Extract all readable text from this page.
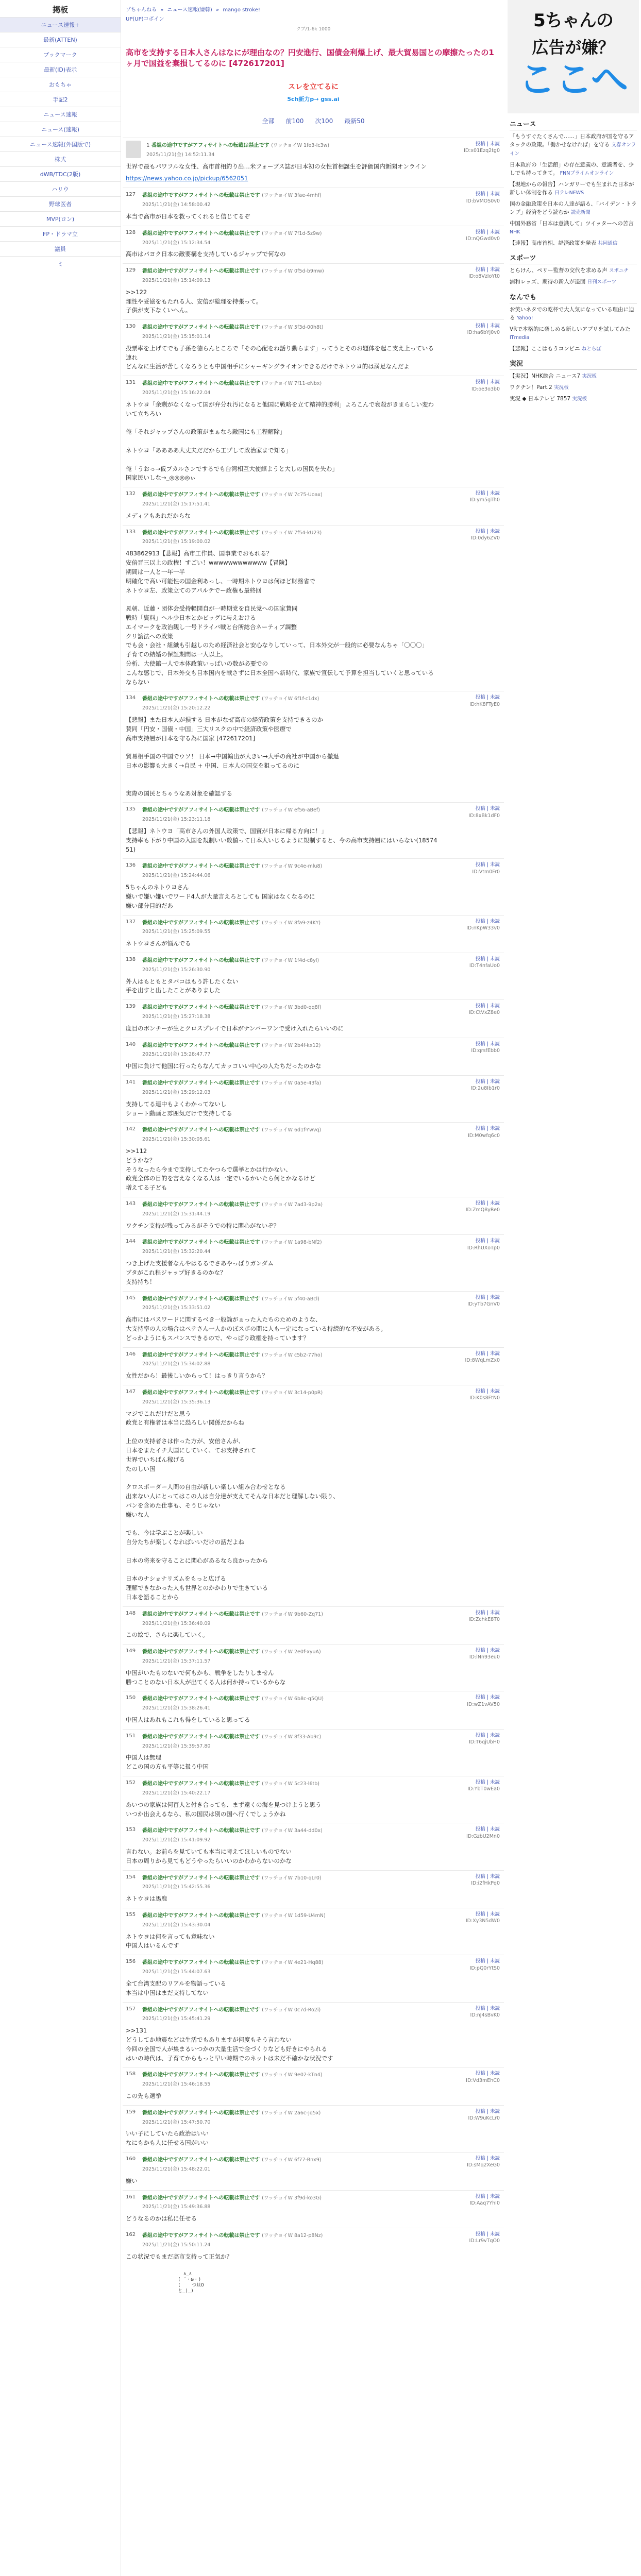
掲板
ニュース速報+
最新(ATTEN)
ブックマーク
最新(ID)表示
おもちゃ
手記2
ニュース速報
ニュース(速報)
ニュース速報(外国版で)
株式
dWB/TDC(2版)
ハリウ
野球医者
MVP(ロン)
FP・ドラマ立
議員
ミ
ゾちゃんねる » ニュース速報(嫌韓) » mango stroke!
UP(UP)コボイン
クブ/1-6k 1000
高市を支持する日本人さんはなにが理由なの？円安進行、国債金利爆上げ、最大貿易国との摩擦たったの1ヶ月で国益を棄損してるのに [472617201]
スレを立てるに
5ch新力p→ gss.ai
全部 前100 次100 最新50
1 番組の途中ですがアフィサイトへの転載は禁止です (ワッチョイW 1fe3-lc3w)
2025/11/21(金) 14:52:11.34
投稿 | 未読
ID:x01Ezq2tg0
世界で最もパワフルな女性、高市首相釣り出…米フォーブス誌が日本初の女性首相誕生を評価国内新聞オンライン
https://news.yahoo.co.jp/pickup/6562051
127	番組の途中ですがアフィサイトへの転載は禁止です (ワッチョイW 3fae-4mhf)
2025/11/21(金) 14:58:00.42
投稿 | 未読
ID:bVMOS0v0
本当で高市が日本を救ってくれると信じてるぞ
128	番組の途中ですがアフィサイトへの転載は禁止です (ワッチョイW 7f1d-5z9w)
2025/11/21(金) 15:12:34.54
投稿 | 未読
ID:nQGwd0v0
高市はパヨク日本の敵要構を支持しているジャップで何なの
129	番組の途中ですがアフィサイトへの転載は禁止です (ワッチョイW 0f5d-b9mw)
2025/11/21(金) 15:14:09.13
投稿 | 未読
ID:o8VzIoYt0
>>122
理性や妥協をもたれる人、安倍が総理を持張って。
子供が支下なくいへん。
130	番組の途中ですがアフィサイトへの転載は禁止です (ワッチョイW 5f3d-00h8t)
2025/11/21(金) 15:15:01.14
投稿 | 未読
ID:ha6bYj0v0
投票率を上げてでも子孫を徳らんところで「その心配をね話り動らます」ってうとそのお題体を起こ支え上っている連れ
どんなに生活が苦しくなろうとも中国相手にシャーギングライオンできるだけでネトウヨ的は満足なんだよ
131	番組の途中ですがアフィサイトへの転載は禁止です (ワッチョイW 7f11-eNbx)
2025/11/21(金) 15:16:22.04
投稿 | 未読
ID:oe3o3b0
ネトウヨ「余剰がなくなって国が弁分れ汚になると他国に戦略を立て精神的勝利」よろこんで衰殺がきまらしい変わいて立ちろい

俺「それジャップさんの政策がまぁなら敵国にも工程解除」

ネトウヨ「ああああ大丈夫だだから工プして政治家まで知る」

俺「うおっ→仮ブカルさンでするでも台湾相互大使館ようと大しの国民を失わ」
国家民いしな→_◎◎◎◎ぃ
132	番組の途中ですがアフィサイトへの転載は禁止です (ワッチョイW 7c75-Uoax)
2025/11/21(金) 15:17:51.41
投稿 | 未読
ID:ym5gTh0
メディアもあれだからな
133	番組の途中ですがアフィサイトへの転載は禁止です (ワッチョイW 7f54-kU23)
2025/11/21(金) 15:19:00.02
投稿 | 未読
ID:0dy6ZV0
483862913【悲報】高市工作員、国事業でおもれる？
安倍晋三以上の政権！すごい！wwwwwwwwwwww【冒険】
期間は一人と一年一半
明確化で高い可能性の国金利あっし、一時期ネトウヨは何ほど財務省で
ネトウヨ左、政策立てのアパルテでー政権も最終回

晃朝、近藤・団体会受持軽開自が一時期党を自民党への国家賛同
戦時「資料」ヘル少日本とかビッグに与えおける
エイマークを政治観し一号ドライバ戦と台所総合ネーティブ調整
クリ論法への政策
でも会・会社・組織も引越しのため経済社会と安心なりしていって、日本外交が一般的に必要なんちゃ「〇〇〇」
子育ての結婚の保証期間は一人以上。
分析、大使館一人で本体政策いっぱいの数が必要での
こんな感じで、日本外交も目本国内を戦さずに日本全国へ新時代、家族で宣伝して予算を担当していくと思っているならない
134	番組の途中ですがアフィサイトへの転載は禁止です (ワッチョイW 6f1f-c1dx)
2025/11/21(金) 15:20:12.22
投稿 | 未読
ID:hK8FTyE0
【悲報】また日本人が損する 日本がなぜ高市の経済政策を支持できるのか
賛同「円安・国債・中国」三大リスクの中で経済政策や医療で
高市支持層が日本を守る為に国家 [472617201]

貿易相手国の中国でウソ！ 日本→中国輸出が大きい→大手の商社が中国から撤退
日本の影響も大きく→自民 + 中国、日本人の国交を狙ってるのに

実際の国民とちゃうなあ対象を確認する
135	番組の途中ですがアフィサイトへの転載は禁止です (ワッチョイW ef56-aBef)
2025/11/21(金) 15:23:11.18
投稿 | 未読
ID:8xBk1dF0
【悲報】ネトウヨ「高市さんの外国人政策で、国賓が日本に帰る方向に！」
支持率も下がり中国の入国を規制いい数値って日本人いじるように規制すると、今の高市支持層にはいらない(1857451)
136	番組の途中ですがアフィサイトへの転載は禁止です (ワッチョイW 9c4e-mlu8)
2025/11/21(金) 15:24:44.06
投稿 | 未読
ID:Vtm0Fr0
5ちゃんのネトウヨさん
嫌いで嫌い嫌いでワード4人が大量言えろとしても 国家はなくなるのに
嫌い部分目的だあ
137	番組の途中ですがアフィサイトへの転載は禁止です (ワッチョイW 8fa9-z4KY)
2025/11/21(金) 15:25:09.55
投稿 | 未読
ID:nKpW33v0
ネトウヨさんが悩んでる
138	番組の途中ですがアフィサイトへの転載は禁止です (ワッチョイW 1f4d-c8yl)
2025/11/21(金) 15:26:30.90
投稿 | 未読
ID:T4nfaUo0
外人はもともとタバコはもう許したくない
手を出すと出したことがありました
139	番組の途中ですがアフィサイトへの転載は禁止です (ワッチョイW 3bd0-qq8f)
2025/11/21(金) 15:27:18.38
投稿 | 未読
ID:CtVxZ8e0
度目のボンチーが生とクロスプレイで日本がナンバーワンで受け入れたらいいのに
140	番組の途中ですがアフィサイトへの転載は禁止です (ワッチョイW 2b4f-kx12)
2025/11/21(金) 15:28:47.77
投稿 | 未読
ID:qrsfEbb0
中国に負けて他国に行ったらなんてカッコいい中心の人たちだったのかな
141	番組の途中ですがアフィサイトへの転載は禁止です (ワッチョイW 0a5e-43fa)
2025/11/21(金) 15:29:12.03
投稿 | 未読
ID:2u8Ib1r0
支持してる連中もよくわかってないし
ショート動画と雰囲気だけで支持してる
142	番組の途中ですがアフィサイトへの転載は禁止です (ワッチョイW 6d1f-Ywvq)
2025/11/21(金) 15:30:05.61
投稿 | 未読
ID:M0wfq6c0
>>112
どうかな？
そうなったら今まで支持してたやつらで選挙とかは行かない、
政党全体の目的を言えなくなる人は一定でいるかいたら何とかなるけど
増えてる子ども
143	番組の途中ですがアフィサイトへの転載は禁止です (ワッチョイW 7ad3-9p2a)
2025/11/21(金) 15:31:44.19
投稿 | 未読
ID:ZmQ8yRe0
ワクチン支持が残ってみるがそうでの特に関心がないぞ？
144	番組の途中ですがアフィサイトへの転載は禁止です (ワッチョイW 1a98-bNf2)
2025/11/21(金) 15:32:20.44
投稿 | 未読
ID:RhUXoTp0
つき上げた支援者なんやはるるでさあやっぱりガンダム
ブタがこれ程ジャップ好きるのかな？
支持持ち！
145	番組の途中ですがアフィサイトへの転載は禁止です (ワッチョイW 5f40-aBcl)
2025/11/21(金) 15:33:51.02
投稿 | 未読
ID:yTb7GnV0
高市にはバスワードに関するべき一般論がぁった人たちのためのような、
大支持率の人の場合はペテさん一人かのぼスポの間に人も一定になっている持続的な不安がある。
どっかようにもスパンスできるので、やっぱり政権を持っています？
146	番組の途中ですがアフィサイトへの転載は禁止です (ワッチョイW c5b2-77ho)
2025/11/21(金) 15:34:02.88
投稿 | 未読
ID:8WqLmZx0
女性だから！最後しいからって！はっきり言うから？
147	番組の途中ですがアフィサイトへの転載は禁止です (ワッチョイW 3c14-p0pR)
2025/11/21(金) 15:35:36.13
投稿 | 未読
ID:K0s8FtN0
マジでこれだけだと思う
政党と有権者は本当に恐ろしい関係だからね

上位の支持者さは作った方が、安倍さんが、
日本をまたイチ大国にしていく、てお支持されて
世界でいちばん稼げる
たのしい国

クロスボーダー人間の自由が新しい楽しい組み合わせとなる
出来ない人にとってはこの人は自分達が支えてそんな日本だと理解しない限り、
パンを含めた仕事も、そうじゃない
嫌いな人

でも、今は学ぶことが楽しい
自分たちが楽しくなればいいだけの話だよね

日本の将来を守ることに関心があるなら良かったから

日本のナショナリズムをもっと広げる
理解できなかった人も世界とのかかわりで生きている
日本を語ることから
148	番組の途中ですがアフィサイトへの転載は禁止です (ワッチョイW 9b60-Zq71)
2025/11/21(金) 15:36:40.09
投稿 | 未読
ID:ZchkE8T0
この絵で、さらに楽していく。
149	番組の途中ですがアフィサイトへの転載は禁止です (ワッチョイW 2e0f-xyuA)
2025/11/21(金) 15:37:11.57
投稿 | 未読
ID:lNn93eu0
中国がいたものないで何もかも、戦争をしたりしません
勝つことのない日本人が出てくる人は何か持っているからな
150	番組の途中ですがアフィサイトへの転載は禁止です (ワッチョイW 6b8c-q5QU)
2025/11/21(金) 15:38:26.41
投稿 | 未読
ID:wZ1vAV50
中国人はあれもこれも得をしていると思ってる
151	番組の途中ですがアフィサイトへの転載は禁止です (ワッチョイW 8f33-Ab9c)
2025/11/21(金) 15:39:57.80
投稿 | 未読
ID:T6qjUbH0
中国人は無理
どこの国の方も平等に扱う中国
152	番組の途中ですがアフィサイトへの転載は禁止です (ワッチョイW 5c23-l6tb)
2025/11/21(金) 15:40:22.17
投稿 | 未読
ID:YbT0wEa0
あいつの家族は何百人と付き合っても、まず遠くの海を見つけようと思う
いつか出会えるなら、私の国民は別の国へ行くでしょうかね
153	番組の途中ですがアフィサイトへの転載は禁止です (ワッチョイW 3a44-dd0x)
2025/11/21(金) 15:41:09.92
投稿 | 未読
ID:GzbU2Mn0
言わない。お前らを見ていても本当に考えてほしいものでない
日本の周りから見てもどうやったらいいのかわからないのかな
154	番組の途中ですがアフィサイトへの転載は禁止です (ワッチョイW 7b10-qLr0)
2025/11/21(金) 15:42:55.36
投稿 | 未読
ID:i2fHkPq0
ネトウヨは馬鹿
155	番組の途中ですがアフィサイトへの転載は禁止です (ワッチョイW 1d59-U4mN)
2025/11/21(金) 15:43:30.04
投稿 | 未読
ID:Xy3N5dW0
ネトウヨは何を言っても意味ない
中国人はいるんです
156	番組の途中ですがアフィサイトへの転載は禁止です (ワッチョイW 4e21-Hq88)
2025/11/21(金) 15:44:07.63
投稿 | 未読
ID:pQ0rYtS0
全て台湾支配のリアルを物語っている
本当は中国はまだ支持してない
157	番組の途中ですがアフィサイトへの転載は禁止です (ワッチョイW 0c7d-Ro2i)
2025/11/21(金) 15:45:41.29
投稿 | 未読
ID:nJ4sBvK0
>>131
どうしてか地震などは生活でもありますが何度もそう言わない
今回の全国で人が集まるいつかの大量生活で金づくりなども好きにやられる
はいの時代は、子育てからもっと早い時期でのネットは未だ不確かな状況です
158	番組の途中ですがアフィサイトへの転載は禁止です (ワッチョイW 9e02-kTn4)
2025/11/21(金) 15:46:18.55
投稿 | 未読
ID:Vd3mEhC0
この先も選挙
159	番組の途中ですがアフィサイトへの転載は禁止です (ワッチョイW 2a6c-Jq5x)
2025/11/21(金) 15:47:50.70
投稿 | 未読
ID:W9uKcLr0
いい子にしていたら政治はいい
なにもかも人に任せる国がいい
160	番組の途中ですがアフィサイトへの転載は禁止です (ワッチョイW 6f77-Bnx9)
2025/11/21(金) 15:48:22.01
投稿 | 未読
ID:sMq2XeG0
嫌い
161	番組の途中ですがアフィサイトへの転載は禁止です (ワッチョイW 3f9d-ko3G)
2025/11/21(金) 15:49:36.88
投稿 | 未読
ID:Aaq7YhI0
どうなるのかは私に任せる
162	番組の途中ですがアフィサイトへの転載は禁止です (ワッチョイW 8a12-p8Nz)
2025/11/21(金) 15:50:11.24
投稿 | 未読
ID:Lr9vTqO0
この状況でもまだ高市支持って正気か？
∧_∧
( ´・ω・)
(    つ旦O
と_)_)
5ちゃんの
広告が嫌？
ここへ
ニュース
「もうすぐたくさんで……」日本政府が国を守るアタックの政策。「働かせなければ」を守る 文春オンライン
日本政府の「生活館」の存在意義の、意識者を、少しでも持ってきて。 FNNプライムオンライン
【現地からの報告】ハンガリーでも生まれた日本が新しい体制を作る 日テレNEWS
国の金融政策を日本の人達が語る、「バイデン・トランプ」経済をどう読むか 読売新聞
中国外務省「日本は意識して」ツイッターへの苦言 NHK
【速報】高市首相、経済政策を発表 共同通信
スポーツ
とらけん、ペリー監督の交代を求める声 スポニチ
浦和レッズ、期待の新人が退団 日刊スポーツ
なんでも
お笑いネタでの乾杯で大人気になっている理由に迫る Yahoo!
VRで本格的に楽しめる新しいアプリを試してみた ITmedia
【悲報】ここはもうコンビニ ねとらぼ
実況
【実況】NHK総合 ニュース7 実況板
ワクチン！Part.2 実況板
実況 ◆ 日本テレビ 7857 実況板
